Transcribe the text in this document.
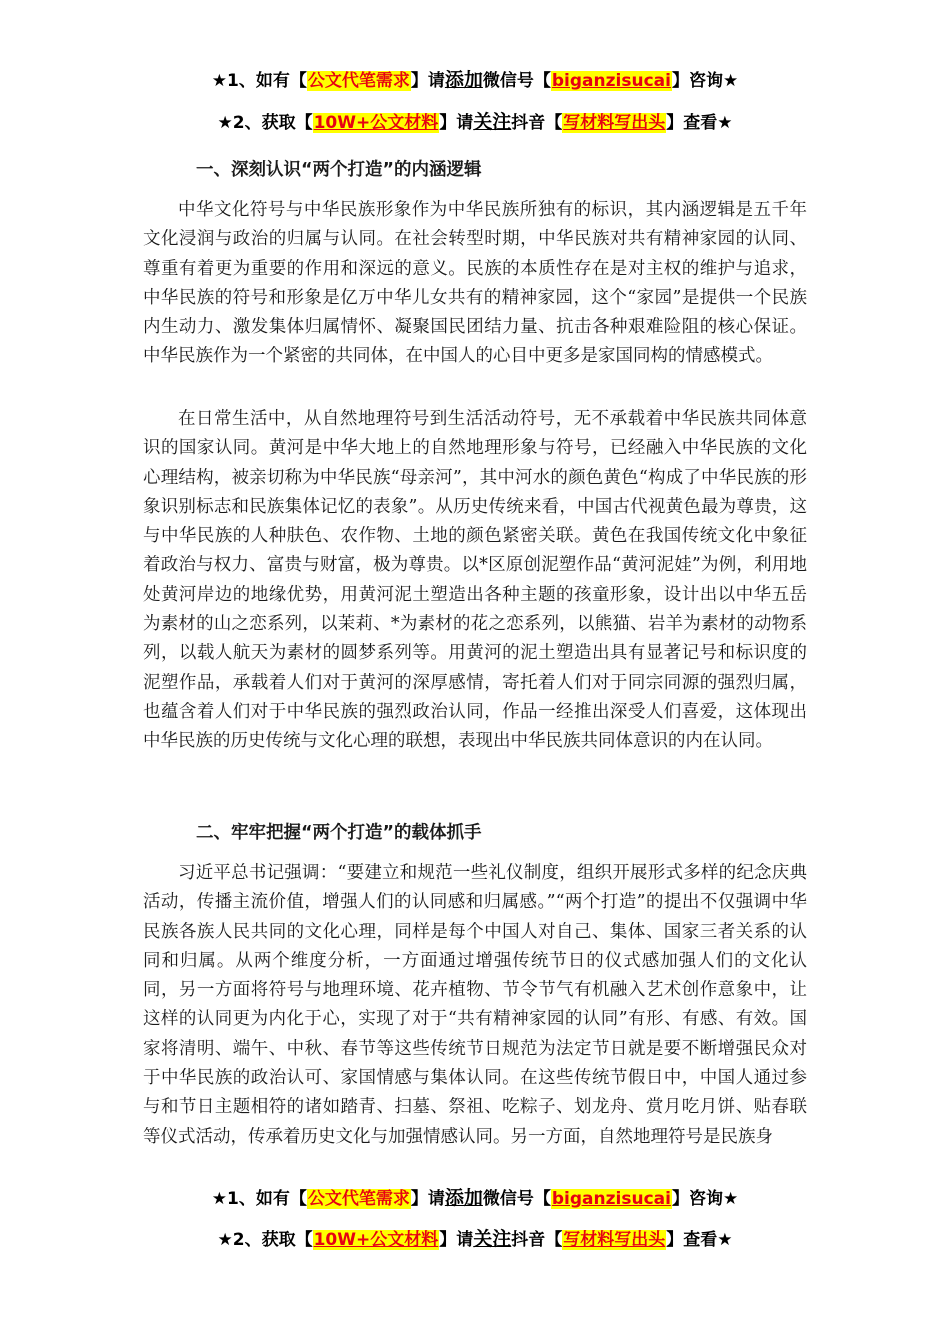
★1、如有【公文代笔需求】请添加微信号【biganzisucai】咨询★
★2、获取【10W+公文材料】请关注抖音【写材料写出头】查看★
一、深刻认识“两个打造”的内涵逻辑

中华文化符号与中华民族形象作为中华民族所独有的标识，其内涵逻辑是五千年文化浸润与政治的归属与认同。在社会转型时期，中华民族对共有精神家园的认同、尊重有着更为重要的作用和深远的意义。民族的本质性存在是对主权的维护与追求，中华民族的符号和形象是亿万中华儿女共有的精神家园，这个“家园”是提供一个民族内生动力、激发集体归属情怀、凝聚国民团结力量、抗击各种艰难险阻的核心保证。中华民族作为一个紧密的共同体，在中国人的心目中更多是家国同构的情感模式。

在日常生活中，从自然地理符号到生活活动符号，无不承载着中华民族共同体意识的国家认同。黄河是中华大地上的自然地理形象与符号，已经融入中华民族的文化心理结构，被亲切称为中华民族“母亲河”，其中河水的颜色黄色“构成了中华民族的形象识别标志和民族集体记忆的表象”。从历史传统来看，中国古代视黄色最为尊贵，这与中华民族的人种肤色、农作物、土地的颜色紧密关联。黄色在我国传统文化中象征着政治与权力、富贵与财富，极为尊贵。以*区原创泥塑作品“黄河泥娃”为例，利用地处黄河岸边的地缘优势，用黄河泥土塑造出各种主题的孩童形象，设计出以中华五岳为素材的山之恋系列，以茉莉、*为素材的花之恋系列，以熊猫、岩羊为素材的动物系列，以载人航天为素材的圆梦系列等。用黄河的泥土塑造出具有显著记号和标识度的泥塑作品，承载着人们对于黄河的深厚感情，寄托着人们对于同宗同源的强烈归属，也蕴含着人们对于中华民族的强烈政治认同，作品一经推出深受人们喜爱，这体现出中华民族的历史传统与文化心理的联想，表现出中华民族共同体意识的内在认同。

二、牢牢把握“两个打造”的载体抓手

习近平总书记强调：“要建立和规范一些礼仪制度，组织开展形式多样的纪念庆典活动，传播主流价值，增强人们的认同感和归属感。”“两个打造”的提出不仅强调中华民族各族人民共同的文化心理，同样是每个中国人对自己、集体、国家三者关系的认同和归属。从两个维度分析，一方面通过增强传统节日的仪式感加强人们的文化认同，另一方面将符号与地理环境、花卉植物、节令节气有机融入艺术创作意象中，让这样的认同更为内化于心，实现了对于“共有精神家园的认同”有形、有感、有效。国家将清明、端午、中秋、春节等这些传统节日规范为法定节日就是要不断增强民众对于中华民族的政治认可、家国情感与集体认同。在这些传统节假日中，中国人通过参与和节日主题相符的诸如踏青、扫墓、祭祖、吃粽子、划龙舟、赏月吃月饼、贴春联等仪式活动，传承着历史文化与加强情感认同。另一方面，自然地理符号是民族身

★1、如有【公文代笔需求】请添加微信号【biganzisucai】咨询★
★2、获取【10W+公文材料】请关注抖音【写材料写出头】查看★
